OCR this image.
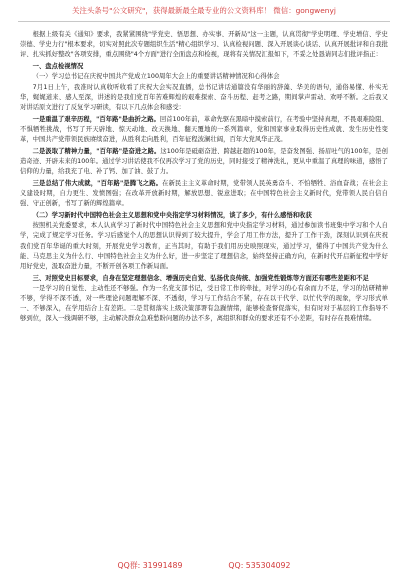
关注头条号"公文研究"，获得最新最全最专业的公文资料库！ 微信：gongwenyj

根据上级有关《通知》要求，我紧紧围绕"学党史、悟思想、办实事、开新局"这一主题，认真贯彻"学史明理、学史增信、学史崇德、学史力行"根本要求，切实对照此次专题组织生活"精心组织学习、认真检视问题、深入开展谈心谈话、认真开展批评和自我批评、扎实抓好整改"各项安排，重点围绕"4个方面"进行全面盘点和检视，现将有关情况汇报如下，不妥之处恳请同志们批评指正：

一、盘点检视情况

（一）学习总书记在庆祝中国共产党成立100周年大会上的重要讲话精神情况和心得体会

7月1日上午，我准时认真收听收看了庆祝大会实况直播，总书记讲话通篇没有华丽的辞藻、华美的语句，通俗易懂、朴实无华，娓娓道来、感人至深，讲述的是我们党百年苦难辉煌的艰难探索、奋斗历程、赶考之路，期间掌声雷动、欢呼不断。之后我又对讲话原文进行了反复学习研读，有以下几点体会和感受：

一是重温了艰辛历程，"百年路"是曲折之路。回首100年前，革命先驱在黑暗中摸索前行，在考验中坚持真理，不畏艰难险阻、不惧牺牲挑战，书写了开天辟地、惊天动地、改天换地、翻天覆地的一系列篇章，党和国家事业取得历史性成就、发生历史性变革，中国共产党带领民族赓续奋进，从胜利走向胜利，百年征程波澜壮阔，百年大党风华正茂。

二是汲取了精神力量，"百年路"是奋进之路。这100年是砥砺奋进、跨越赶超的100年，是奋发图强、扬眉吐气的100年，是创造奇迹、开辟未来的100年。通过学习讲话使我不仅再次学习了党的历史，同时接受了精神洗礼，更从中重温了真理的味道，感悟了信仰的力量，给我充了电、补了钙、加了油、鼓了力。

三是总结了伟大成就，"百年路"是腾飞之路。在新民主主义革命时期，党带领人民英勇奋斗、不怕牺牲、浴血奋战；在社会主义建设时期，自力更生、发愤图强；在改革开放新时期，解放思想、锐意进取；在中国特色社会主义新时代，党带领人民自信自强、守正创新，书写了新的辉煌篇章。

（二）学习新时代中国特色社会主义思想和党中央指定学习材料情况，谈了多少，有什么感悟和收获

按照机关党委要求，本人认真学习了新时代中国特色社会主义思想和党中央指定学习材料，通过参加读书班集中学习和个人自学，完成了规定学习任务。学习后感觉个人的思想认识得到了较大提升，学会了用工作方法，提升了工作干劲，深刻认识到在庆祝我们党百年华诞的重大时刻，开展党史学习教育，正当其时，有助于我们用历史映照现实，通过学习，懂得了中国共产党为什么能、马克思主义为什么行、中国特色社会主义为什么好，进一步坚定了理想信念，始终坚持正确方向，在新时代开启新征程中学好用好党史，汲取奋进力量，不断开创各项工作新局面。

三、对照党史目标要求，自身在坚定理想信念、增强历史自觉、弘扬优良传统、加强党性锻炼等方面还有哪些差距和不足

一是学习的自觉性、主动性还不够强。作为一名党支部书记，受日常工作的牵扯，对学习的心有余而力不足，学习的钻研精神不够，学得不深不透，对一些理论问题理解不深、不透彻，学习与工作结合不紧，存在以干代学、以忙代学的现象，学习形式单一、不够深入，在学用结合上有差距。二是贯彻落实上级决策部署有急躁情绪，能够检查督促落实，但有时对于基层的工作指导不够到位，深入一线调研不够，主动解决群众急难愁盼问题的办法不多，离组织和群众的要求还有不小差距，有时存在畏难情绪。

QQ群: 31991489	QQ: 535304092
